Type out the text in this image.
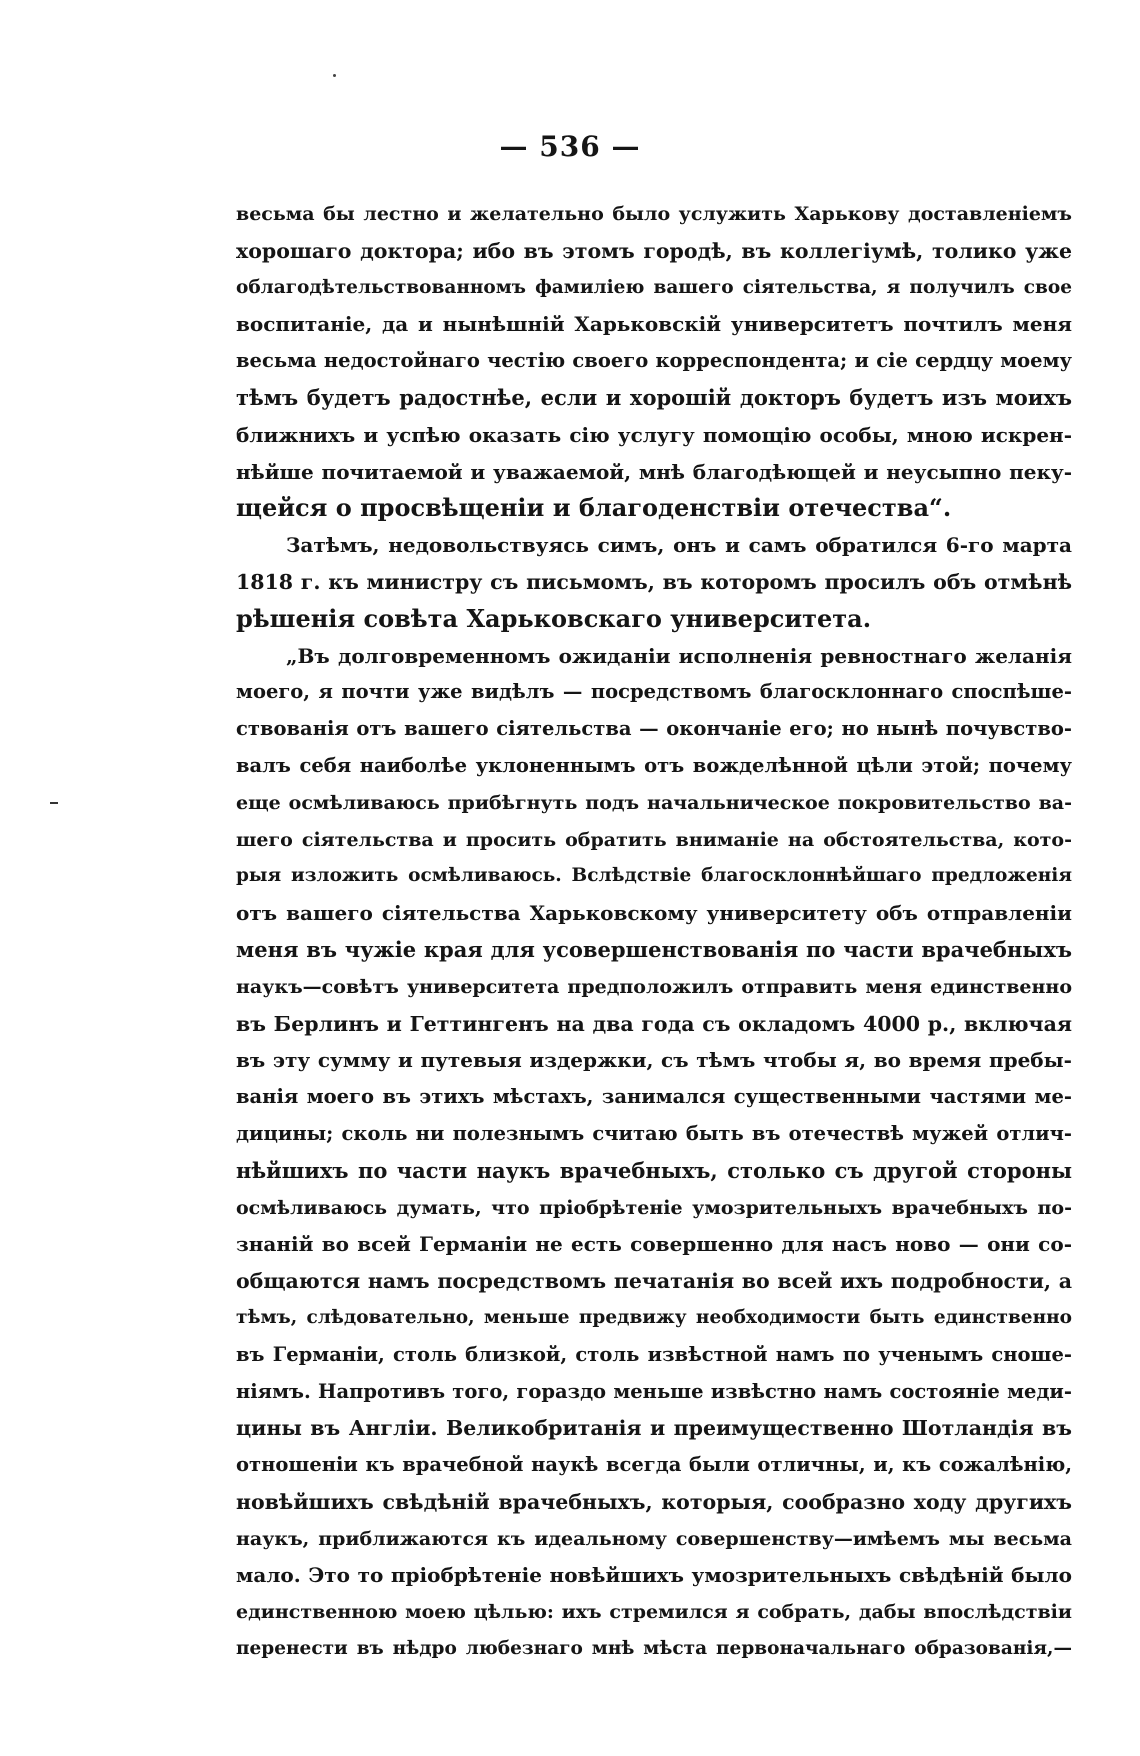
— 536 —
весьма бы лестно и желательно было услужить Харькову доставленіемъ
хорошаго доктора; ибо въ этомъ городѣ, въ коллегіумѣ, толико уже
облагодѣтельствованномъ фамиліею вашего сіятельства, я получилъ свое
воспитаніе, да и нынѣшній Харьковскій университетъ почтилъ меня
весьма недостойнаго честію своего корреспондента; и сіе сердцу моему
тѣмъ будетъ радостнѣе, если и хорошій докторъ будетъ изъ моихъ
ближнихъ и успѣю оказать сію услугу помощію особы, мною искрен-
нѣйше почитаемой и уважаемой, мнѣ благодѣющей и неусыпно пеку-
щейся о просвѣщеніи и благоденствіи отечества“.
Затѣмъ, недовольствуясь симъ, онъ и самъ обратился 6-го марта
1818 г. къ министру съ письмомъ, въ которомъ просилъ объ отмѣнѣ
рѣшенія совѣта Харьковскаго университета.
„Въ долговременномъ ожиданіи исполненія ревностнаго желанія
моего, я почти уже видѣлъ — посредствомъ благосклоннаго споспѣше-
ствованія отъ вашего сіятельства — окончаніе его; но нынѣ почувство-
валъ себя наиболѣе уклоненнымъ отъ вожделѣнной цѣли этой; почему
еще осмѣливаюсь прибѣгнуть подъ начальническое покровительство ва-
шего сіятельства и просить обратить вниманіе на обстоятельства, кото-
рыя изложить осмѣливаюсь. Вслѣдствіе благосклоннѣйшаго предложенія
отъ вашего сіятельства Харьковскому университету объ отправленіи
меня въ чужіе края для усовершенствованія по части врачебныхъ
наукъ—совѣтъ университета предположилъ отправить меня единственно
въ Берлинъ и Геттингенъ на два года съ окладомъ 4000 р., включая
въ эту сумму и путевыя издержки, съ тѣмъ чтобы я, во время пребы-
ванія моего въ этихъ мѣстахъ, занимался существенными частями ме-
дицины; сколь ни полезнымъ считаю быть въ отечествѣ мужей отлич-
нѣйшихъ по части наукъ врачебныхъ, столько съ другой стороны
осмѣливаюсь думать, что пріобрѣтеніе умозрительныхъ врачебныхъ по-
знаній во всей Германіи не есть совершенно для насъ ново — они со-
общаются намъ посредствомъ печатанія во всей ихъ подробности, а
тѣмъ, слѣдовательно, меньше предвижу необходимости быть единственно
въ Германіи, столь близкой, столь извѣстной намъ по ученымъ сноше-
ніямъ. Напротивъ того, гораздо меньше извѣстно намъ состояніе меди-
цины въ Англіи. Великобританія и преимущественно Шотландія въ
отношеніи къ врачебной наукѣ всегда были отличны, и, къ сожалѣнію,
новѣйшихъ свѣдѣній врачебныхъ, которыя, сообразно ходу другихъ
наукъ, приближаются къ идеальному совершенству—имѣемъ мы весьма
мало. Это то пріобрѣтеніе новѣйшихъ умозрительныхъ свѣдѣній было
единственною моею цѣлью: ихъ стремился я собрать, дабы впослѣдствіи
перенести въ нѣдро любезнаго мнѣ мѣста первоначальнаго образованія,—
